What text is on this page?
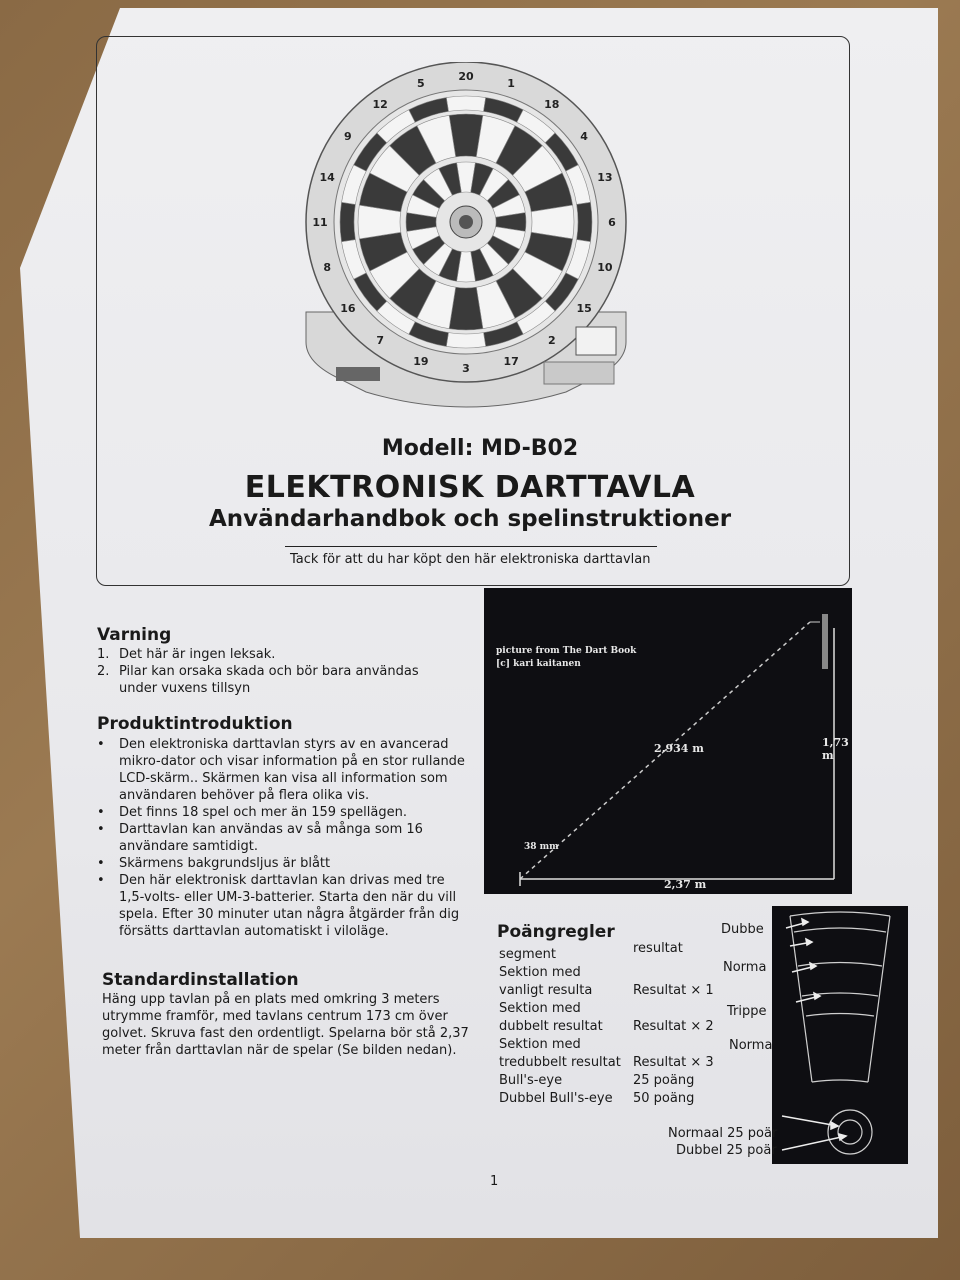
20
1
18
4
13
6
10
15
2
17
3
19
7
16
8
11
14
9
12
5
Modell: MD-B02
ELEKTRONISK DARTTAVLA
Användarhandbok och spelinstruktioner
Tack för att du har köpt den här elektroniska darttavlan
Varning
1. Det här är ingen leksak.
2. Pilar kan orsaka skada och bör bara användas under vuxens tillsyn
Produktintroduktion
• Den elektroniska darttavlan styrs av en avancerad mikro-dator och visar information på en stor rullande LCD-skärm.. Skärmen kan visa all information som användaren behöver på flera olika vis.
• Det finns 18 spel och mer än 159 spellägen.
• Darttavlan kan användas av så många som 16 användare samtidigt.
• Skärmens bakgrundsljus är blått
• Den här elektronisk darttavlan kan drivas med tre 1,5-volts- eller UM-3-batterier. Starta den när du vill spela. Efter 30 minuter utan några åtgärder från dig försätts darttavlan automatiskt i viloläge.
Standardinstallation
Häng upp tavlan på en plats med omkring 3 meters utrymme framför, med tavlans centrum 173 cm över golvet. Skruva fast den ordentligt. Spelarna bör stå 2,37 meter från darttavlan när de spelar (Se bilden nedan).
picture from The Dart Book
[c] kari kaitanen
2,934 m	1,73 m
2,37 m
38 mm
Poängregler
segment	resultat
Sektion med
vanligt resulta	Resultat × 1
Sektion med
dubbelt resultat Resultat × 2
Sektion med
tredubbelt resultat Resultat × 3
Bull's-eye	25 poäng
Dubbel Bull's-eye 50 poäng
Dubbe
Norma
Trippe
Norma
Normaal 25 poär
Dubbel 25 poär
1
